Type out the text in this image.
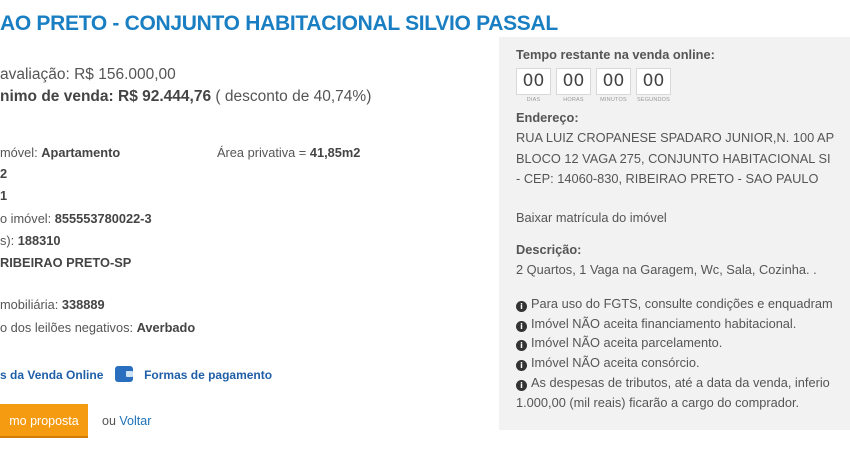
AO PRETO - CONJUNTO HABITACIONAL SILVIO PASSAL
avaliação: R$ 156.000,00
nimo de venda: R$ 92.444,76 ( desconto de 40,74%)
móvel: Apartamento	Área privativa = 41,85m2
2
1
o imóvel: 855553780022-3
s): 188310
RIBEIRAO PRETO-SP
mobiliária: 338889
o dos leilões negativos: Averbado
s da Venda Online	Formas de pagamento
mo proposta	ou Voltar
Tempo restante na venda online:
00
DIAS
00
HORAS
00
MINUTOS
00
SEGUNDOS
Endereço:
RUA LUIZ CROPANESE SPADARO JUNIOR,N. 100 AP
BLOCO 12 VAGA 275, CONJUNTO HABITACIONAL SI
- CEP: 14060-830, RIBEIRAO PRETO - SAO PAULO
Baixar matrícula do imóvel
Descrição:
2 Quartos, 1 Vaga na Garagem, Wc, Sala, Cozinha. .
i Para uso do FGTS, consulte condições e enquadram
i Imóvel NÃO aceita financiamento habitacional.
i Imóvel NÃO aceita parcelamento.
i Imóvel NÃO aceita consórcio.
i As despesas de tributos, até a data da venda, inferio
1.000,00 (mil reais) ficarão a cargo do comprador.
